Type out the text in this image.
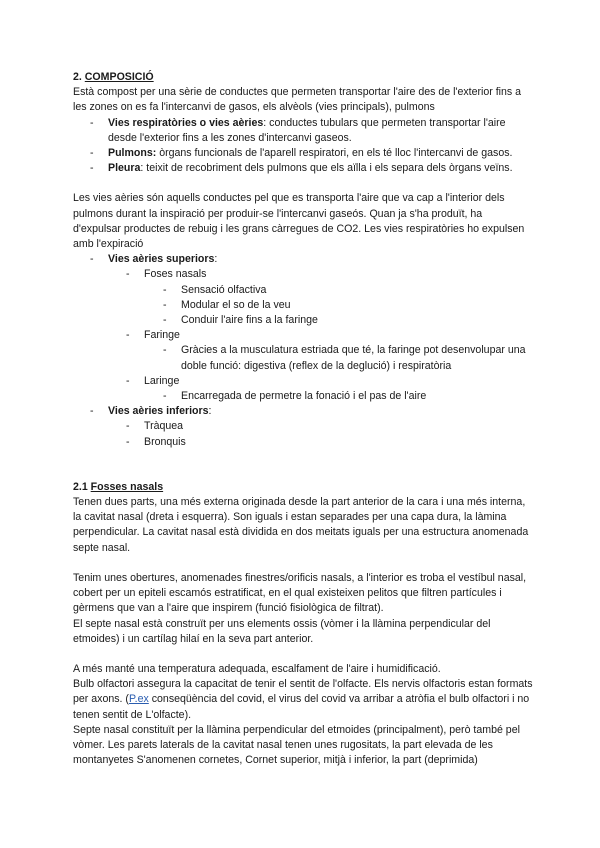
2. COMPOSICIÓ

Està compost per una sèrie de conductes que permeten transportar l'aire des de l'exterior fins a les zones on es fa l'intercanvi de gasos, els alvèols (vies principals), pulmons

- Vies respiratòries o vies aèries: conductes tubulars que permeten transportar l'aire desde l'exterior fins a les zones d'intercanvi gaseos.
- Pulmons: òrgans funcionals de l'aparell respiratori, en els té lloc l'intercanvi de gasos.
- Pleura: teixit de recobriment dels pulmons que els aïlla i els separa dels òrgans veïns.

Les vies aèries són aquells conductes pel que es transporta l'aire que va cap a l'interior dels pulmons durant la inspiració per produir-se l'intercanvi gaseós. Quan ja s'ha produït, ha d'expulsar productes de rebuig i les grans càrregues de CO2. Les vies respiratòries ho expulsen amb l'expiració

- Vies aèries superiors:
- Foses nasals
- Sensació olfactiva
- Modular el so de la veu
- Conduir l'aire fins a la faringe
- Faringe
- Gràcies a la musculatura estriada que té, la faringe pot desenvolupar una doble funció: digestiva (reflex de la deglució) i respiratòria
- Laringe
- Encarregada de permetre la fonació i el pas de l'aire
- Vies aèries inferiors:
- Tràquea
- Bronquis

2.1 Fosses nasals

Tenen dues parts, una més externa originada desde la part anterior de la cara i una més interna, la cavitat nasal (dreta i esquerra). Son iguals i estan separades per una capa dura, la làmina perpendicular. La cavitat nasal està dividida en dos meitats iguals per una estructura anomenada septe nasal.

Tenim unes obertures, anomenades finestres/orificis nasals, a l'interior es troba el vestíbul nasal, cobert per un epiteli escamós estratificat, en el qual existeixen pelitos que filtren partícules i gèrmens que van a l'aire que inspirem (funció fisiològica de filtrat).

El septe nasal està construït per uns elements ossis (vòmer i la llàmina perpendicular del etmoides) i un cartílag hilaí en la seva part anterior.

A més manté una temperatura adequada, escalfament de l'aire i humidificació.

Bulb olfactori assegura la capacitat de tenir el sentit de l'olfacte. Els nervis olfactoris estan formats per axons. (P.ex conseqüència del covid, el virus del covid va arribar a atròfia el bulb olfactori i no tenen sentit de L'olfacte).

Septe nasal constituït per la llàmina perpendicular del etmoides (principalment), però també pel vòmer. Les parets laterals de la cavitat nasal tenen unes rugositats, la part elevada de les montanyetes S'anomenen cornetes, Cornet superior, mitjà i inferior, la part (deprimida)
